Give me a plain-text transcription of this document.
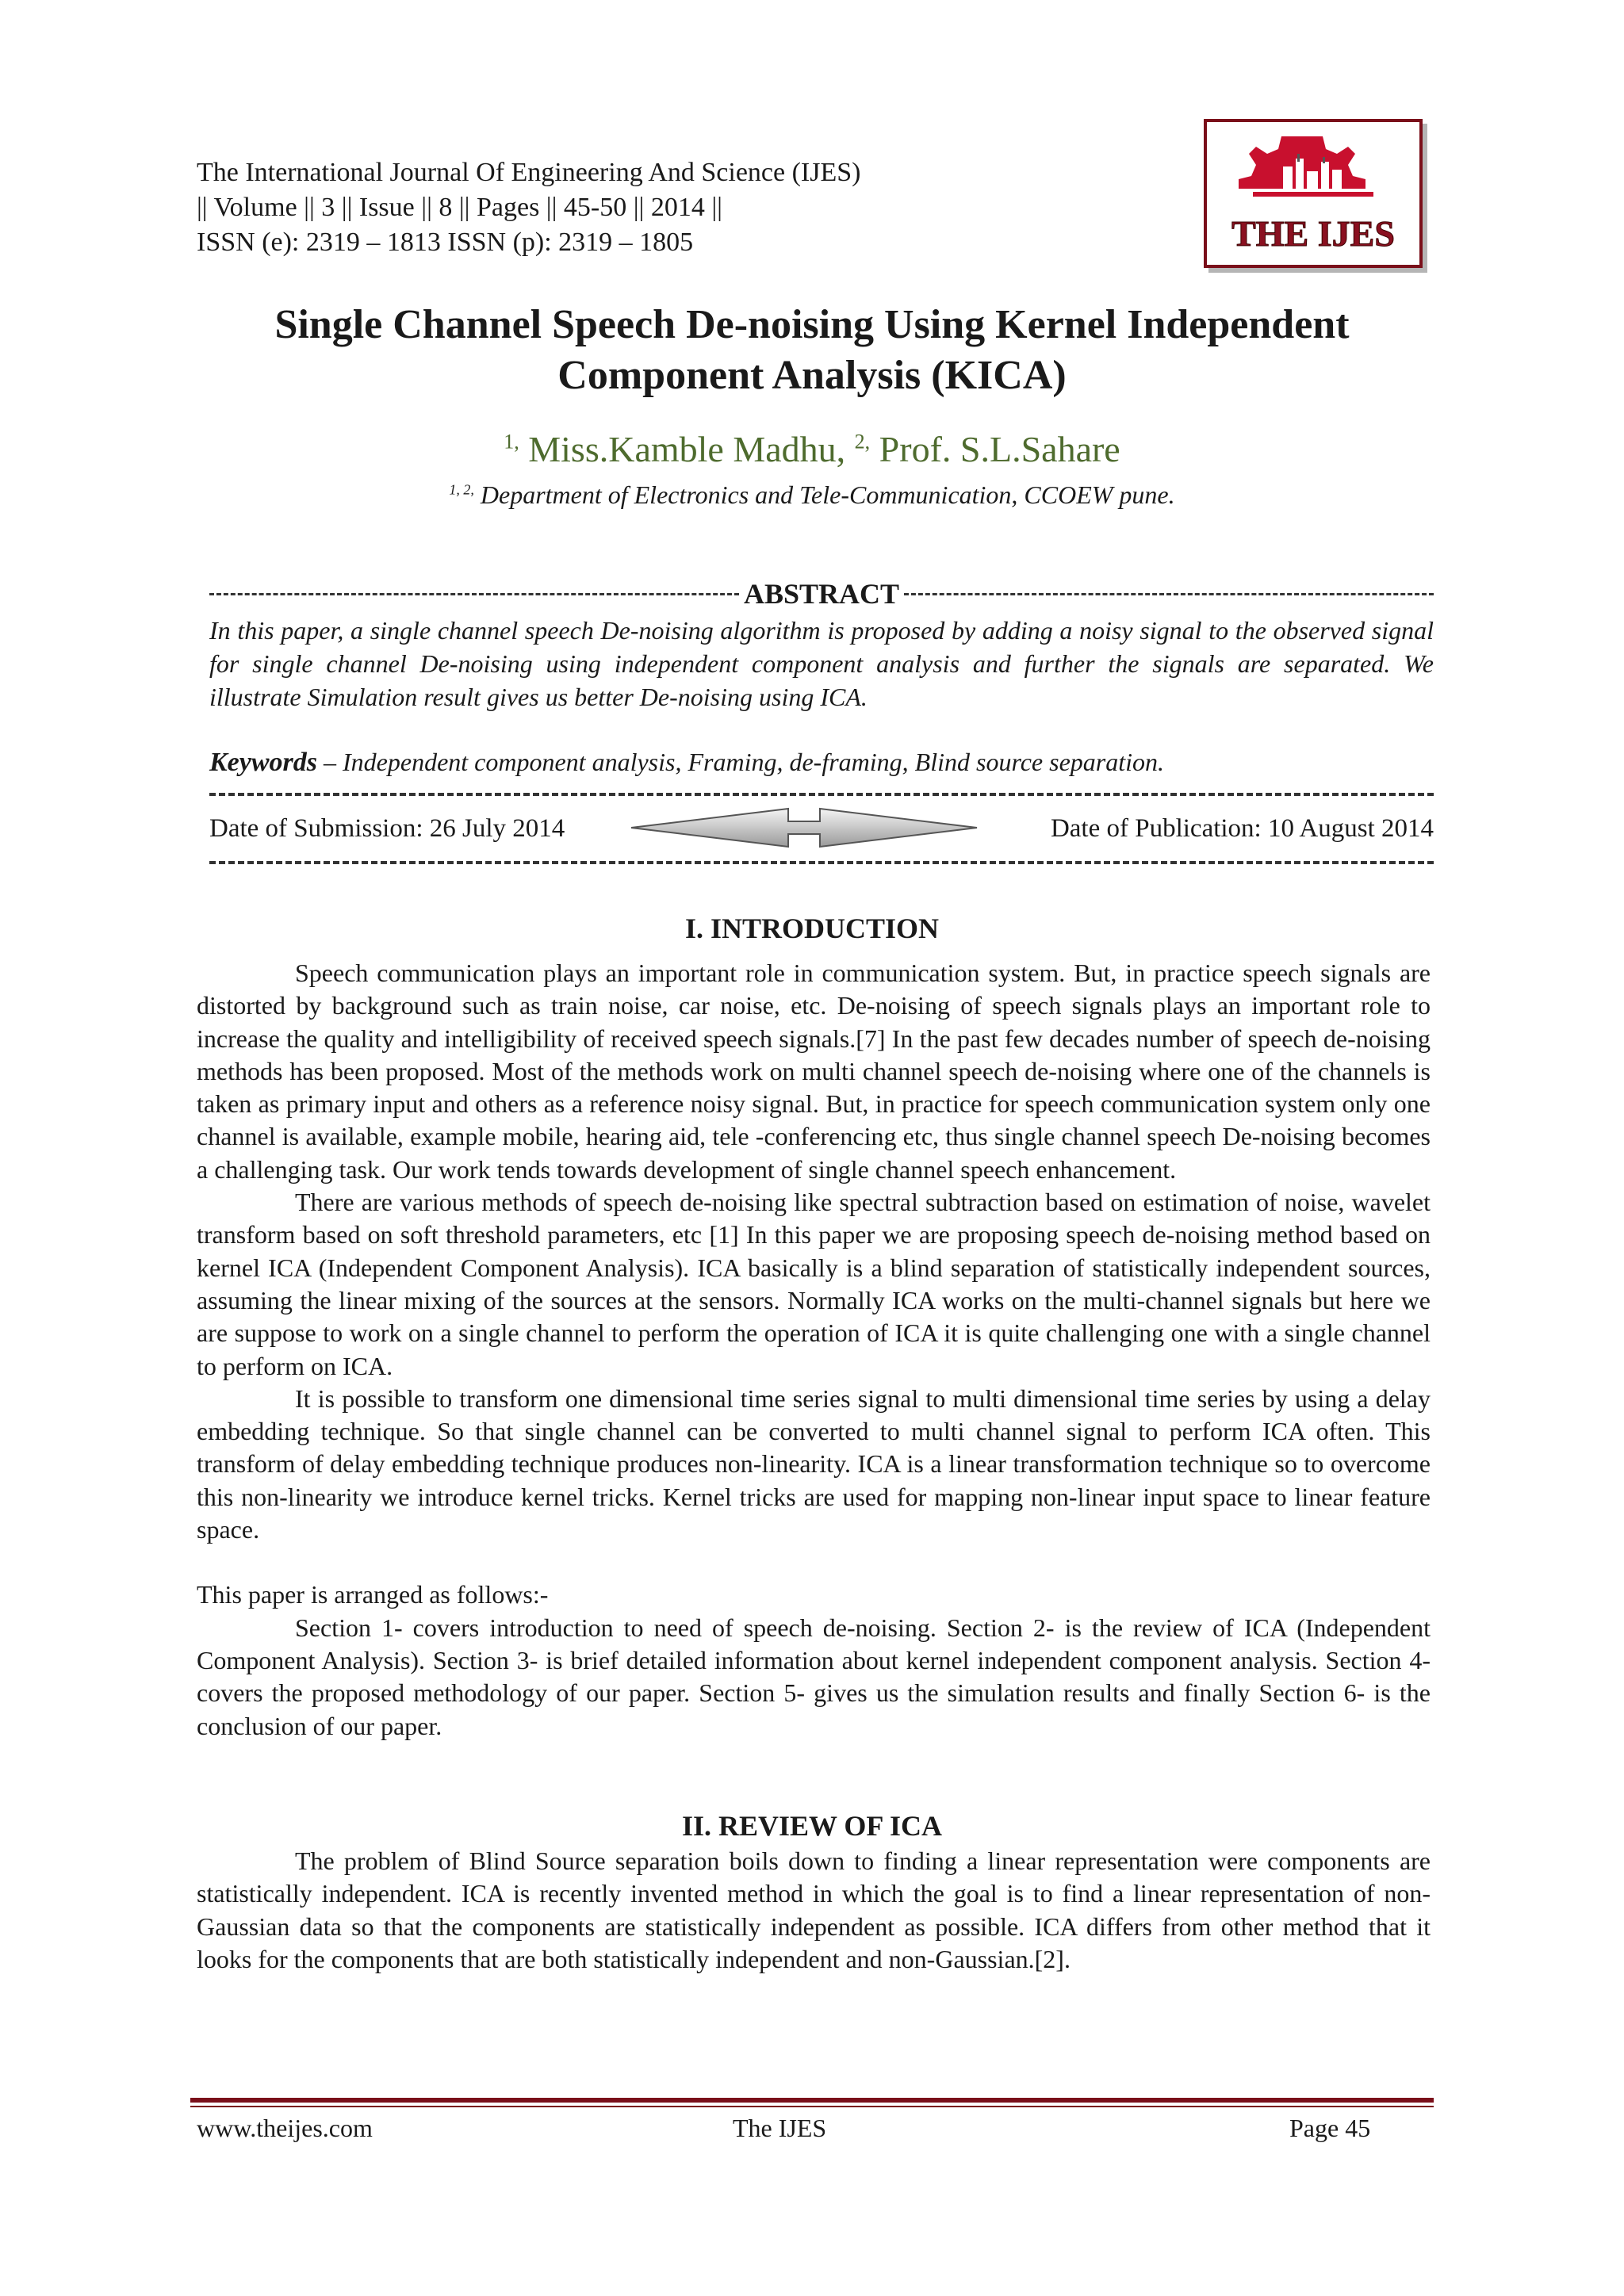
The International Journal Of Engineering And Science (IJES)
|| Volume || 3 || Issue || 8 || Pages || 45-50 || 2014 ||
ISSN (e): 2319 – 1813 ISSN (p): 2319 – 1805	THE IJES
Single Channel Speech De-noising Using Kernel Independent
Component Analysis (KICA)
$^{1,}$ Miss.Kamble Madhu, $^{2,}$ Prof. S.L.Sahare
$^{1, 2,}$ Department of Electronics and Tele-Communication, CCOEW pune.
ABSTRACT
In this paper, a single channel speech De-noising algorithm is proposed by adding a noisy signal to the observed signal for single channel De-noising using independent component analysis and further the signals are separated. We illustrate Simulation result gives us better De-noising using ICA.
Keywords – Independent component analysis, Framing, de-framing, Blind source separation.
Date of Submission: 26 July 2014	Date of Publication: 10 August 2014
I. INTRODUCTION

Speech communication plays an important role in communication system. But, in practice speech signals are distorted by background such as train noise, car noise, etc. De-noising of speech signals plays an important role to increase the quality and intelligibility of received speech signals.[7] In the past few decades number of speech de-noising methods has been proposed. Most of the methods work on multi channel speech de-noising where one of the channels is taken as primary input and others as a reference noisy signal. But, in practice for speech communication system only one channel is available, example mobile, hearing aid, tele -conferencing etc, thus single channel speech De-noising becomes a challenging task. Our work tends towards development of single channel speech enhancement.

There are various methods of speech de-noising like spectral subtraction based on estimation of noise, wavelet transform based on soft threshold parameters, etc [1] In this paper we are proposing speech de-noising method based on kernel ICA (Independent Component Analysis). ICA basically is a blind separation of statistically independent sources, assuming the linear mixing of the sources at the sensors. Normally ICA works on the multi-channel signals but here we are suppose to work on a single channel to perform the operation of ICA it is quite challenging one with a single channel to perform on ICA.

It is possible to transform one dimensional time series signal to multi dimensional time series by using a delay embedding technique. So that single channel can be converted to multi channel signal to perform ICA often. This transform of delay embedding technique produces non-linearity. ICA is a linear transformation technique so to overcome this non-linearity we introduce kernel tricks. Kernel tricks are used for mapping non-linear input space to linear feature space.

This paper is arranged as follows:-

Section 1- covers introduction to need of speech de-noising. Section 2- is the review of ICA (Independent Component Analysis). Section 3- is brief detailed information about kernel independent component analysis. Section 4- covers the proposed methodology of our paper. Section 5- gives us the simulation results and finally Section 6- is the conclusion of our paper.

II. REVIEW OF ICA

The problem of Blind Source separation boils down to finding a linear representation were components are statistically independent. ICA is recently invented method in which the goal is to find a linear representation of non-Gaussian data so that the components are statistically independent as possible. ICA differs from other method that it looks for the components that are both statistically independent and non-Gaussian.[2].

www.theijes.com	The IJES	Page 45
